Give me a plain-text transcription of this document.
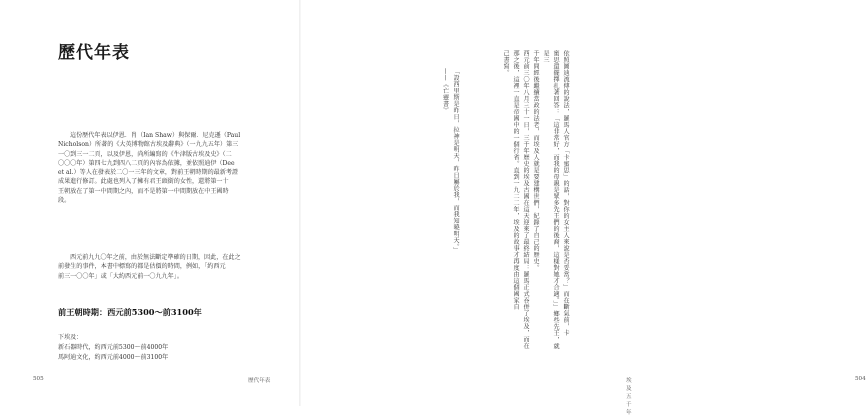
歷代年表
這份歷代年表以伊恩．肖（Ian Shaw）與保爾．尼克遜（Paul
Nicholson）所著的《大英博物館古埃及辭典》（一九九五年）第三
一〇到三一二頁，以及伊恩，尚所編寫的《牛津版古埃及史》（二
〇〇〇年）第四七九到四八二頁的內容為依據，並依照迪伊（Dee
et al.）等人在發表於二〇一三年的文章，對前王朝時期的最新考證
成果進行修訂。此處也列入了擁有君王頭銜的女性，還將第一十
王朝放在了第一中間期之內，而不是將第一中間期放在中王國時
段。
西元前九九〇年之前，由於無法斷定準確的日期，因此，在此之
前發生的事件，本書中標寫的都是估價的時間，例如，「約西元
前三一〇〇年」或「大約西元前一〇九九年」。
前王朝時期：西元前5300～前3100年
下埃及：
新石器時代，約西元前5300～前4000年
馬阿迪文化，約西元前4000～前3100年
505	歷代年表
依照圖迪流傳的說法，羅馬人官方「卡蜜思」的話，對你的女主人來說是否妥當？」而在斷氣前，卡
蜜思還擺擇扎著回答：「這非常好，而我的母親是眾多先王們的後裔，這樣對她才合適。」」鄉些先王，就是三
千年間經後繼續當政的法老，而埃及人就是要建構世們，紀錄了自己的歷史。
西元前三〇年八月三十一日，三千年歷史的埃及古國在這天迎來了最終結局：羅馬正式吞併了埃及，而在
那之後，這裡一直是帝國中的一個行省。直到一九二二年，埃及的故事才再度由這個國家自
己書寫。
「設西里斯是昨日，拉神是明天，昨日屬於我，而我知曉明天。」
——《亡靈書》
埃及五千年
504
